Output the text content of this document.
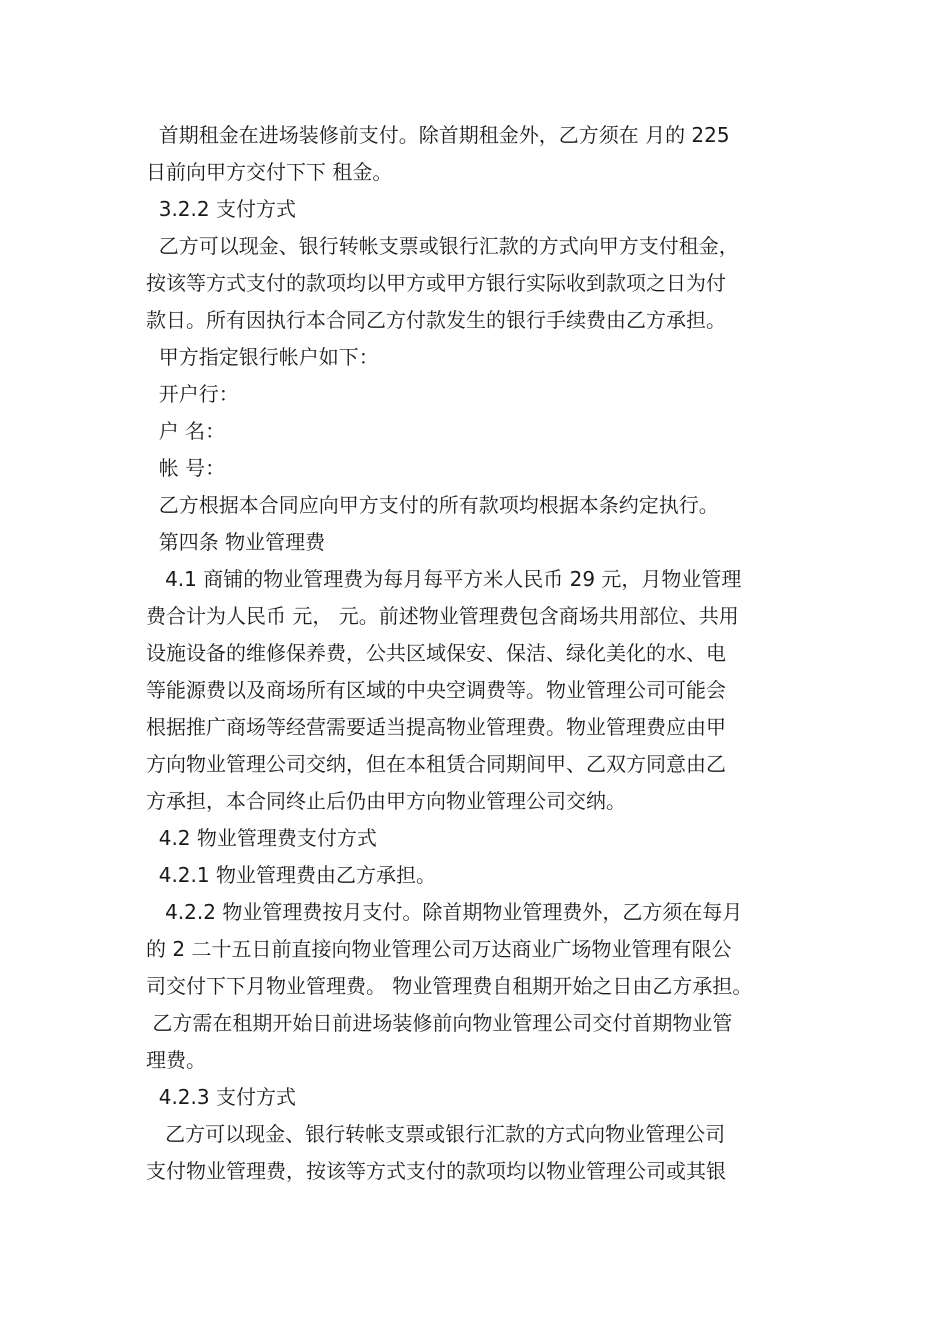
首期租金在进场装修前支付。除首期租金外，乙方须在 月的 225
日前向甲方交付下下 租金。
3.2.2 支付方式
乙方可以现金、银行转帐支票或银行汇款的方式向甲方支付租金，
按该等方式支付的款项均以甲方或甲方银行实际收到款项之日为付
款日。所有因执行本合同乙方付款发生的银行手续费由乙方承担。
甲方指定银行帐户如下：
开户行：
户 名：
帐 号：
乙方根据本合同应向甲方支付的所有款项均根据本条约定执行。
第四条 物业管理费
4.1 商铺的物业管理费为每月每平方米人民币 29 元，月物业管理
费合计为人民币 元， 元。前述物业管理费包含商场共用部位、共用
设施设备的维修保养费，公共区域保安、保洁、绿化美化的水、电
等能源费以及商场所有区域的中央空调费等。物业管理公司可能会
根据推广商场等经营需要适当提高物业管理费。物业管理费应由甲
方向物业管理公司交纳，但在本租赁合同期间甲、乙双方同意由乙
方承担，本合同终止后仍由甲方向物业管理公司交纳。
4.2 物业管理费支付方式
4.2.1 物业管理费由乙方承担。
4.2.2 物业管理费按月支付。除首期物业管理费外，乙方须在每月
的 2 二十五日前直接向物业管理公司万达商业广场物业管理有限公
司交付下下月物业管理费。 物业管理费自租期开始之日由乙方承担。
乙方需在租期开始日前进场装修前向物业管理公司交付首期物业管
理费。
4.2.3 支付方式
乙方可以现金、银行转帐支票或银行汇款的方式向物业管理公司
支付物业管理费，按该等方式支付的款项均以物业管理公司或其银
